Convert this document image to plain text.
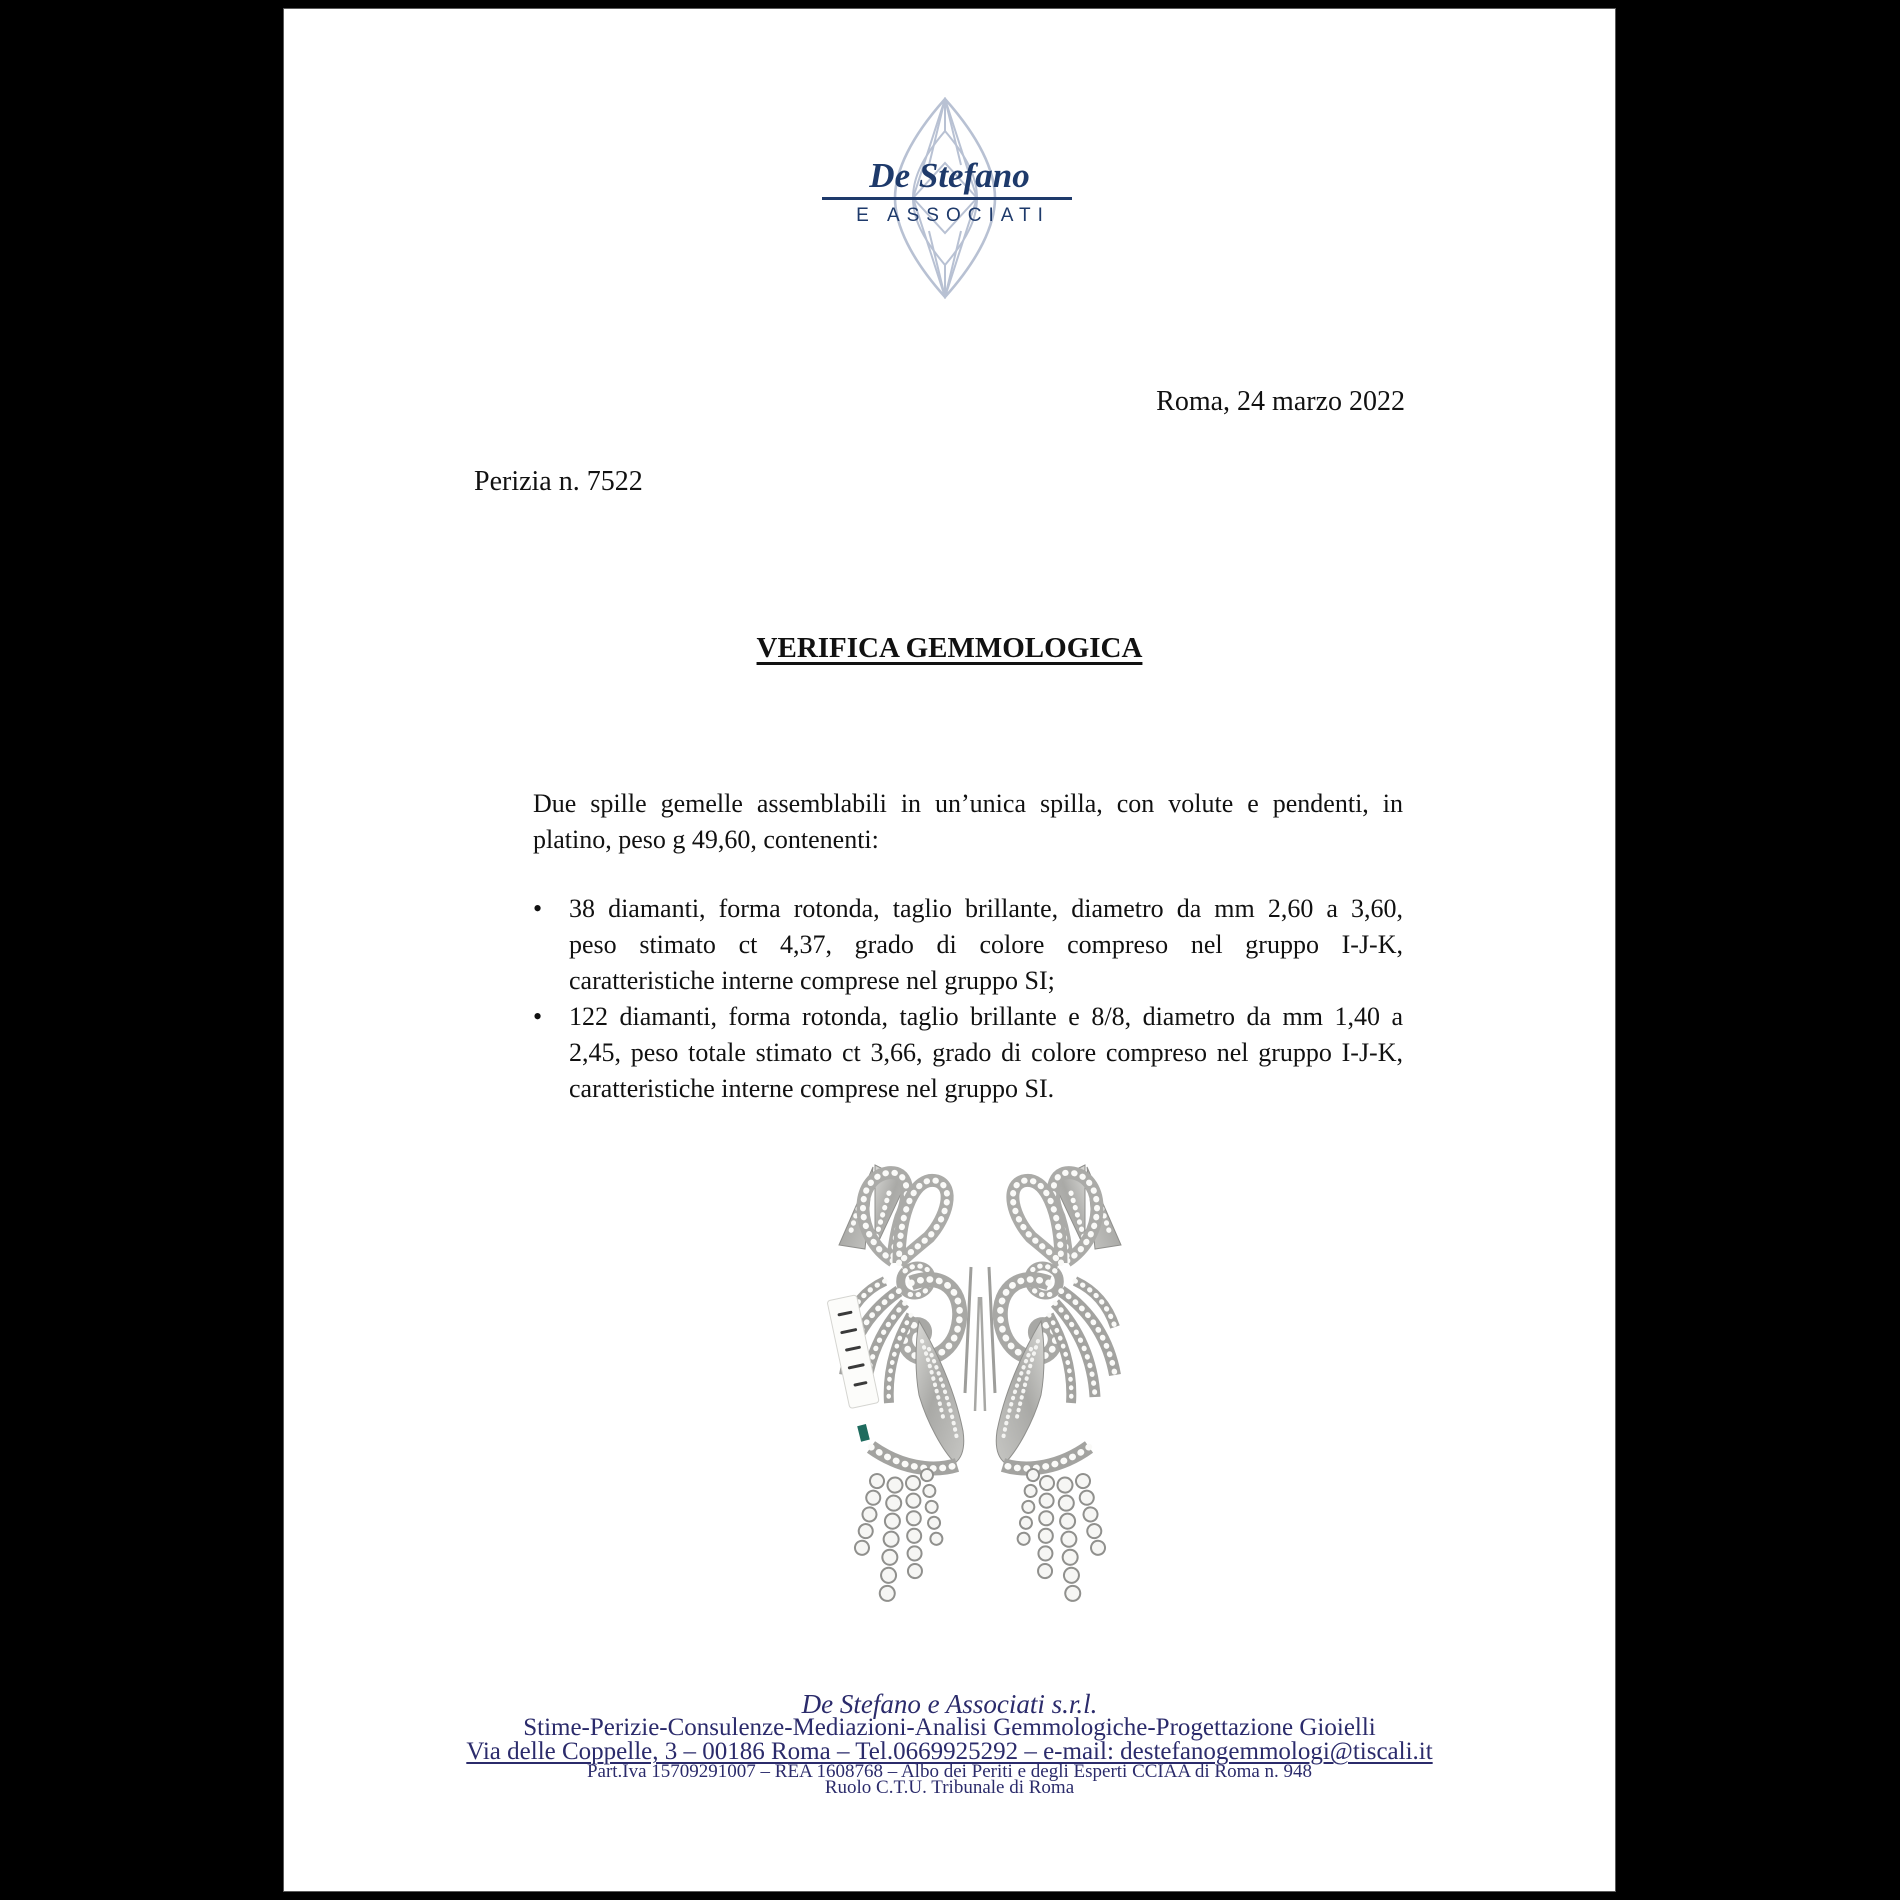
De Stefano
E ASSOCIATI
Roma, 24 marzo 2022
Perizia n. 7522
VERIFICA GEMMOLOGICA
Due spille gemelle assemblabili in un’unica spilla, con volute e pendenti, in
platino, peso g 49,60, contenenti:
•	38 diamanti, forma rotonda, taglio brillante, diametro da mm 2,60 a 3,60,
peso stimato ct 4,37, grado di colore compreso nel gruppo I-J-K,
caratteristiche interne comprese nel gruppo SI;
•	122 diamanti, forma rotonda, taglio brillante e 8/8, diametro da mm 1,40 a
2,45, peso totale stimato ct 3,66, grado di colore compreso nel gruppo I-J-K,
caratteristiche interne comprese nel gruppo SI.
De Stefano e Associati s.r.l.
Stime-Perizie-Consulenze-Mediazioni-Analisi Gemmologiche-Progettazione Gioielli
Via delle Coppelle, 3 – 00186 Roma – Tel.0669925292 – e-mail: destefanogemmologi@tiscali.it
Part.Iva 15709291007 – REA 1608768 – Albo dei Periti e degli Esperti CCIAA di Roma n. 948
Ruolo C.T.U. Tribunale di Roma
